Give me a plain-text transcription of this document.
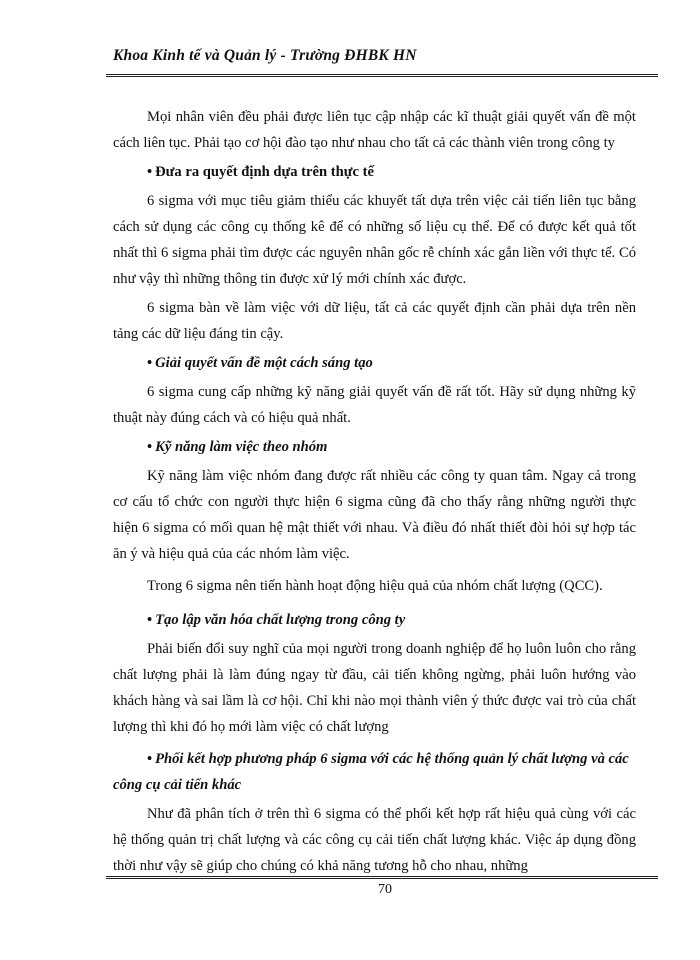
Khoa Kinh tế và Quản lý - Trường ĐHBK HN

Mọi nhân viên đều phải được liên tục cập nhập các kĩ thuật giải quyết vấn đề một cách liên tục. Phải tạo cơ hội đào tạo như nhau cho tất cả các thành viên trong công ty

• Đưa ra quyết định dựa trên thực tế

6 sigma với mục tiêu giảm thiểu các khuyết tất dựa trên việc cải tiến liên tục bằng cách sử dụng các công cụ thống kê để có những số liệu cụ thể. Để có được kết quả tốt nhất thì 6 sigma phải tìm được các nguyên nhân gốc rễ chính xác gắn liền với thực tế. Có như vậy thì những thông tin được xử lý mới chính xác được.

6 sigma bàn về làm việc với dữ liệu, tất cả các quyết định cần phải dựa trên nền tảng các dữ liệu đáng tin cậy.

• Giải quyết vấn đề một cách sáng tạo

6 sigma cung cấp những kỹ năng giải quyết vấn đề rất tốt. Hãy sử dụng những kỹ thuật này đúng cách và có hiệu quả nhất.

• Kỹ năng làm việc theo nhóm

Kỹ năng làm việc nhóm đang được rất nhiều các công ty quan tâm. Ngay cả trong cơ cấu tổ chức con người thực hiện 6 sigma cũng đã cho thấy rằng những người thực hiện 6 sigma có mối quan hệ mật thiết với nhau. Và điều đó nhất thiết đòi hỏi sự hợp tác ăn ý và hiệu quả của các nhóm làm việc.

Trong 6 sigma nên tiến hành hoạt động hiệu quả của nhóm chất lượng (QCC).

• Tạo lập văn hóa chất lượng trong công ty

Phải biến đổi suy nghĩ của mọi người trong doanh nghiệp để họ luôn luôn cho rằng chất lượng phải là làm đúng ngay từ đầu, cải tiến không ngừng, phải luôn hướng vào khách hàng và sai lầm là cơ hội. Chỉ khi nào mọi thành viên ý thức được vai trò của chất lượng thì khi đó họ mới làm việc có chất lượng

• Phối kết hợp phương pháp 6 sigma với các hệ thống quản lý chất lượng và các công cụ cải tiến khác

Như đã phân tích ở trên thì 6 sigma có thể phối kết hợp rất hiệu quả cùng với các hệ thống quản trị chất lượng và các công cụ cải tiến chất lượng khác. Việc áp dụng đồng thời như vậy sẽ giúp cho chúng có khả năng tương hỗ cho nhau, những

70
